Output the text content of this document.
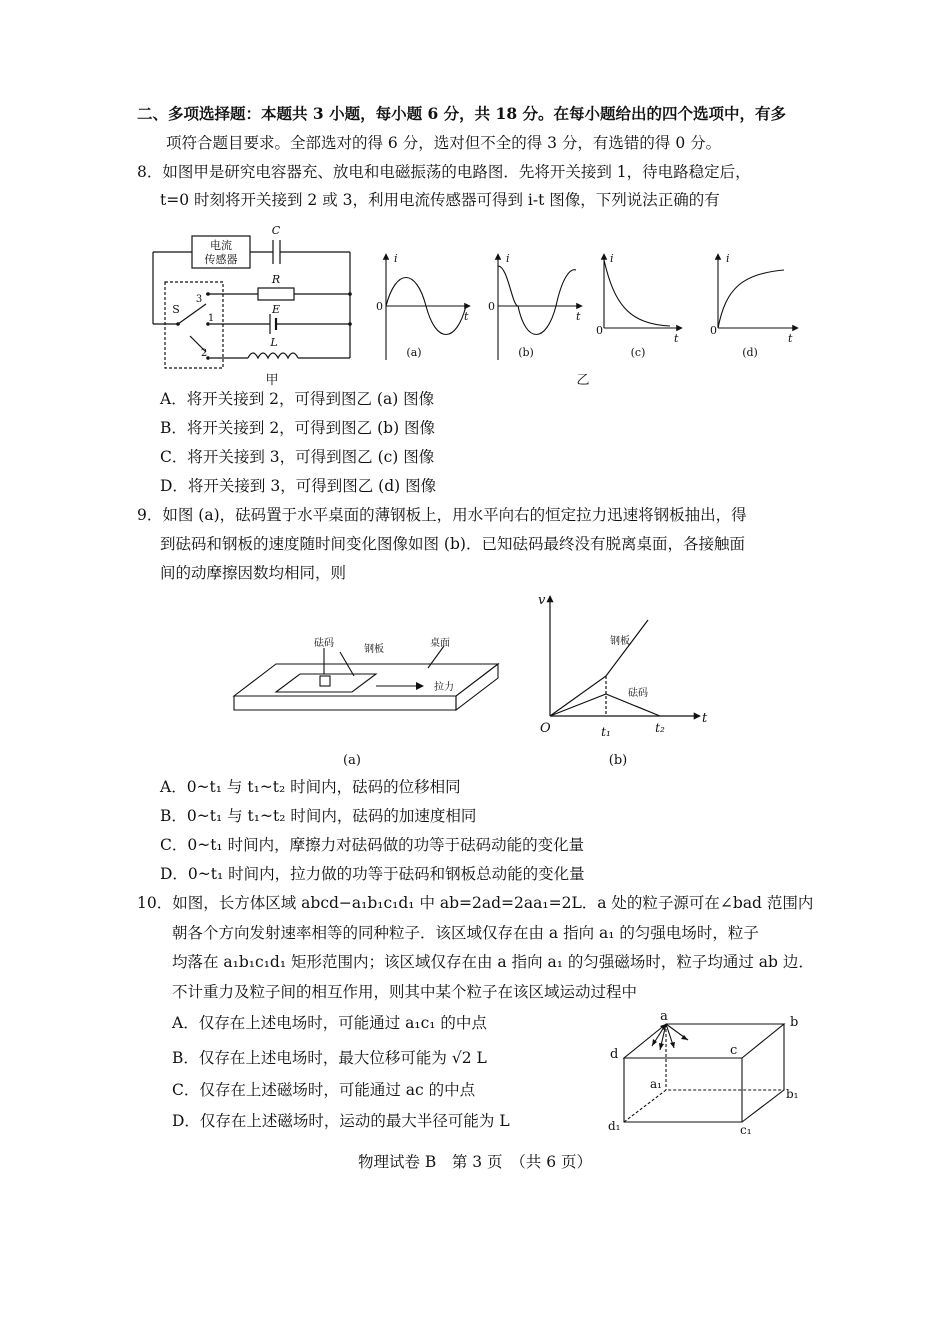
二、多项选择题：本题共 3 小题，每小题 6 分，共 18 分。在每小题给出的四个选项中，有多
项符合题目要求。全部选对的得 6 分，选对但不全的得 3 分，有选错的得 0 分。
8．如图甲是研究电容器充、放电和电磁振荡的电路图．先将开关接到 1，待电路稳定后，
t=0 时刻将开关接到 2 或 3，利用电流传感器可得到 i-t 图像，下列说法正确的有
电流
传感器
C
R
E
L
S
3
1
2
甲
i
0
t
(a)
i
0
t
(b)
i
0
t
(c)
i
0
t
(d)
乙
A．将开关接到 2，可得到图乙 (a) 图像
B．将开关接到 2，可得到图乙 (b) 图像
C．将开关接到 3，可得到图乙 (c) 图像
D．将开关接到 3，可得到图乙 (d) 图像
9．如图 (a)，砝码置于水平桌面的薄钢板上，用水平向右的恒定拉力迅速将钢板抽出，得
到砝码和钢板的速度随时间变化图像如图 (b)．已知砝码最终没有脱离桌面，各接触面
间的动摩擦因数均相同，则
砝码
钢板
桌面
拉力
(a)
v
t
O	t₁	t₂
钢板
砝码
(b)
A．0~t₁ 与 t₁~t₂ 时间内，砝码的位移相同
B．0~t₁ 与 t₁~t₂ 时间内，砝码的加速度相同
C．0~t₁ 时间内，摩擦力对砝码做的功等于砝码动能的变化量
D．0~t₁ 时间内，拉力做的功等于砝码和钢板总动能的变化量
10．如图，长方体区域 abcd−a₁b₁c₁d₁ 中 ab=2ad=2aa₁=2L．a 处的粒子源可在∠bad 范围内
朝各个方向发射速率相等的同种粒子．该区域仅存在由 a 指向 a₁ 的匀强电场时，粒子
均落在 a₁b₁c₁d₁ 矩形范围内；该区域仅存在由 a 指向 a₁ 的匀强磁场时，粒子均通过 ab 边．
不计重力及粒子间的相互作用，则其中某个粒子在该区域运动过程中
A．仅存在上述电场时，可能通过 a₁c₁ 的中点
B．仅存在上述电场时，最大位移可能为 √2 L
C．仅存在上述磁场时，可能通过 ac 的中点
D．仅存在上述磁场时，运动的最大半径可能为 L
a	b
c
d
a₁
b₁
c₁
d₁
物理试卷 B　第 3 页　（共 6 页）
